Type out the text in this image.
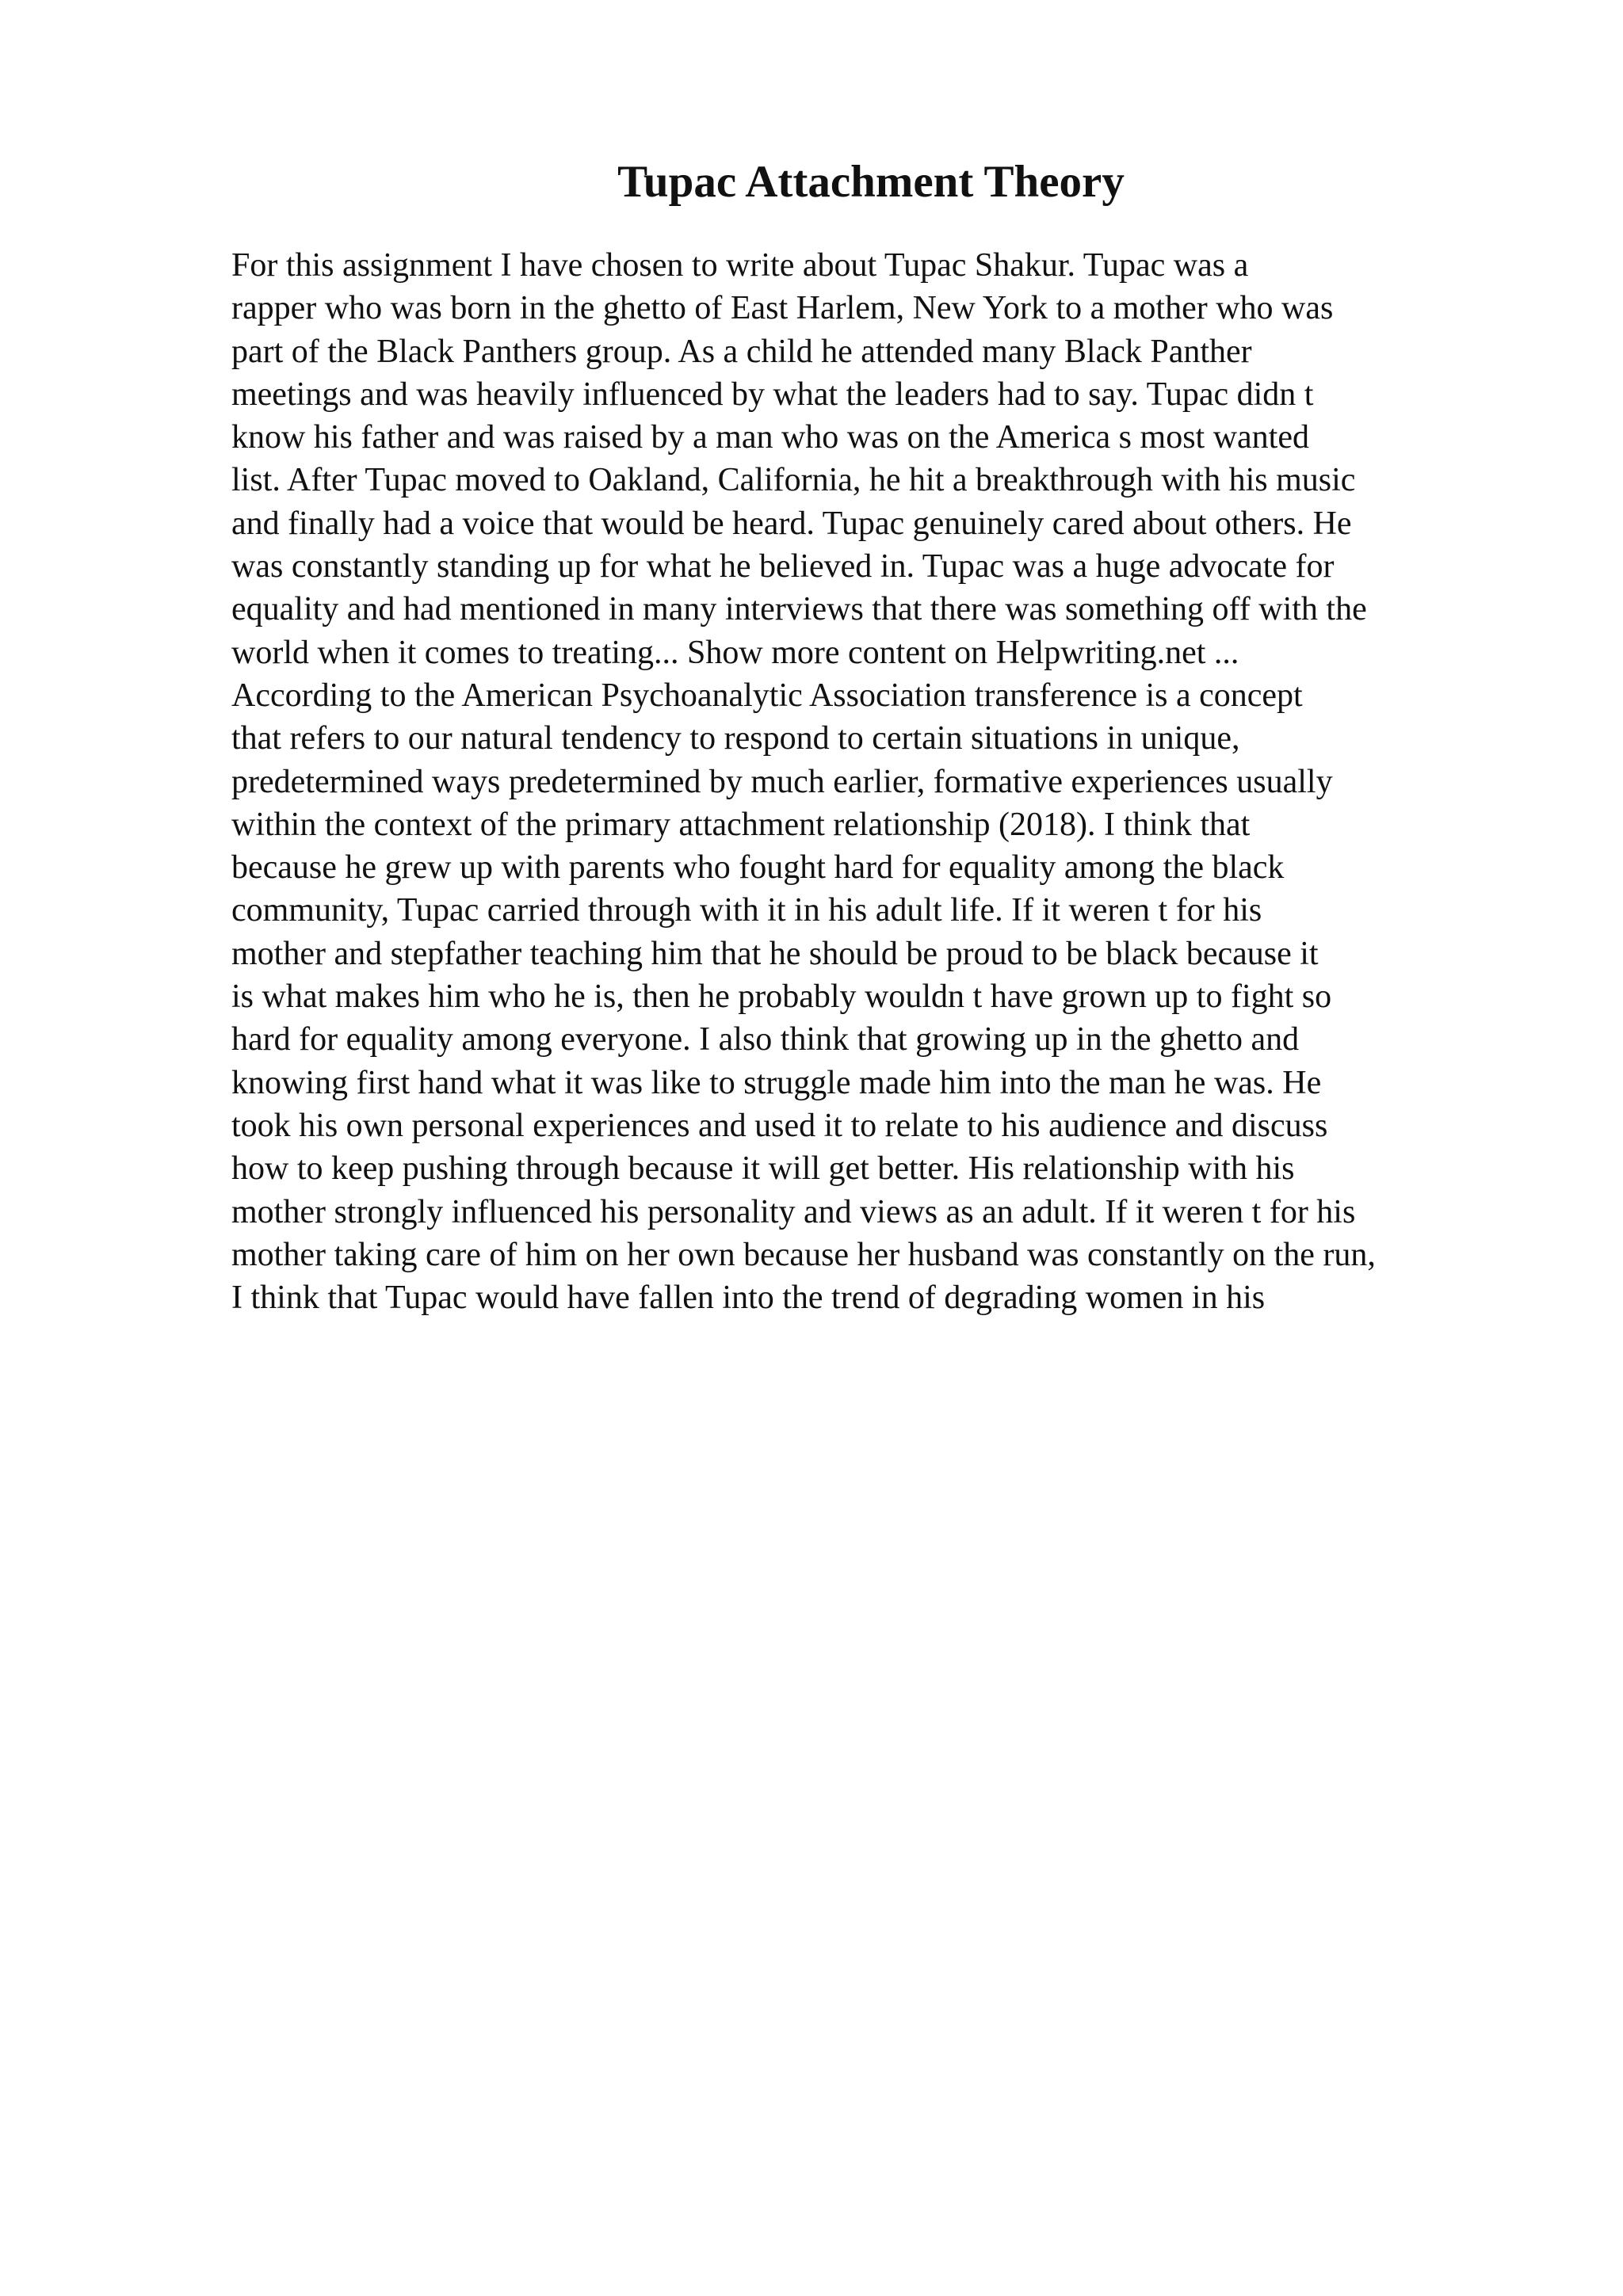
Tupac Attachment Theory
For this assignment I have chosen to write about Tupac Shakur. Tupac was a
rapper who was born in the ghetto of East Harlem, New York to a mother who was
part of the Black Panthers group. As a child he attended many Black Panther
meetings and was heavily influenced by what the leaders had to say. Tupac didn t
know his father and was raised by a man who was on the America s most wanted
list. After Tupac moved to Oakland, California, he hit a breakthrough with his music
and finally had a voice that would be heard. Tupac genuinely cared about others. He
was constantly standing up for what he believed in. Tupac was a huge advocate for
equality and had mentioned in many interviews that there was something off with the
world when it comes to treating... Show more content on Helpwriting.net ...
According to the American Psychoanalytic Association transference is a concept
that refers to our natural tendency to respond to certain situations in unique,
predetermined ways predetermined by much earlier, formative experiences usually
within the context of the primary attachment relationship (2018). I think that
because he grew up with parents who fought hard for equality among the black
community, Tupac carried through with it in his adult life. If it weren t for his
mother and stepfather teaching him that he should be proud to be black because it
is what makes him who he is, then he probably wouldn t have grown up to fight so
hard for equality among everyone. I also think that growing up in the ghetto and
knowing first hand what it was like to struggle made him into the man he was. He
took his own personal experiences and used it to relate to his audience and discuss
how to keep pushing through because it will get better. His relationship with his
mother strongly influenced his personality and views as an adult. If it weren t for his
mother taking care of him on her own because her husband was constantly on the run,
I think that Tupac would have fallen into the trend of degrading women in his
